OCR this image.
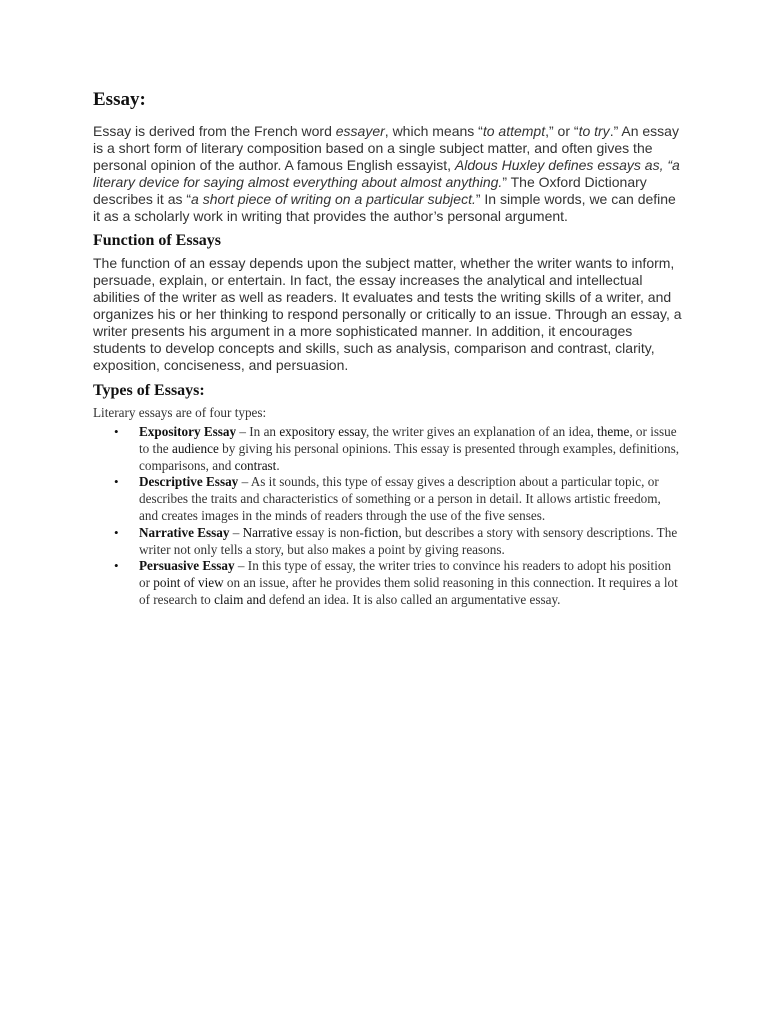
Essay:

Essay is derived from the French word essayer, which means “to attempt,” or “to try.” An essay is a short form of literary composition based on a single subject matter, and often gives the personal opinion of the author. A famous English essayist, Aldous Huxley defines essays as, “a literary device for saying almost everything about almost anything.” The Oxford Dictionary describes it as “a short piece of writing on a particular subject.” In simple words, we can define it as a scholarly work in writing that provides the author’s personal argument.

Function of Essays

The function of an essay depends upon the subject matter, whether the writer wants to inform, persuade, explain, or entertain. In fact, the essay increases the analytical and intellectual abilities of the writer as well as readers. It evaluates and tests the writing skills of a writer, and organizes his or her thinking to respond personally or critically to an issue. Through an essay, a writer presents his argument in a more sophisticated manner. In addition, it encourages students to develop concepts and skills, such as analysis, comparison and contrast, clarity, exposition, conciseness, and persuasion.

Types of Essays:

Literary essays are of four types:

• Expository Essay – In an expository essay, the writer gives an explanation of an idea, theme, or issue to the audience by giving his personal opinions. This essay is presented through examples, definitions, comparisons, and contrast.
• Descriptive Essay – As it sounds, this type of essay gives a description about a particular topic, or describes the traits and characteristics of something or a person in detail. It allows artistic freedom, and creates images in the minds of readers through the use of the five senses.
• Narrative Essay – Narrative essay is non-fiction, but describes a story with sensory descriptions. The writer not only tells a story, but also makes a point by giving reasons.
• Persuasive Essay – In this type of essay, the writer tries to convince his readers to adopt his position or point of view on an issue, after he provides them solid reasoning in this connection. It requires a lot of research to claim and defend an idea. It is also called an argumentative essay.
